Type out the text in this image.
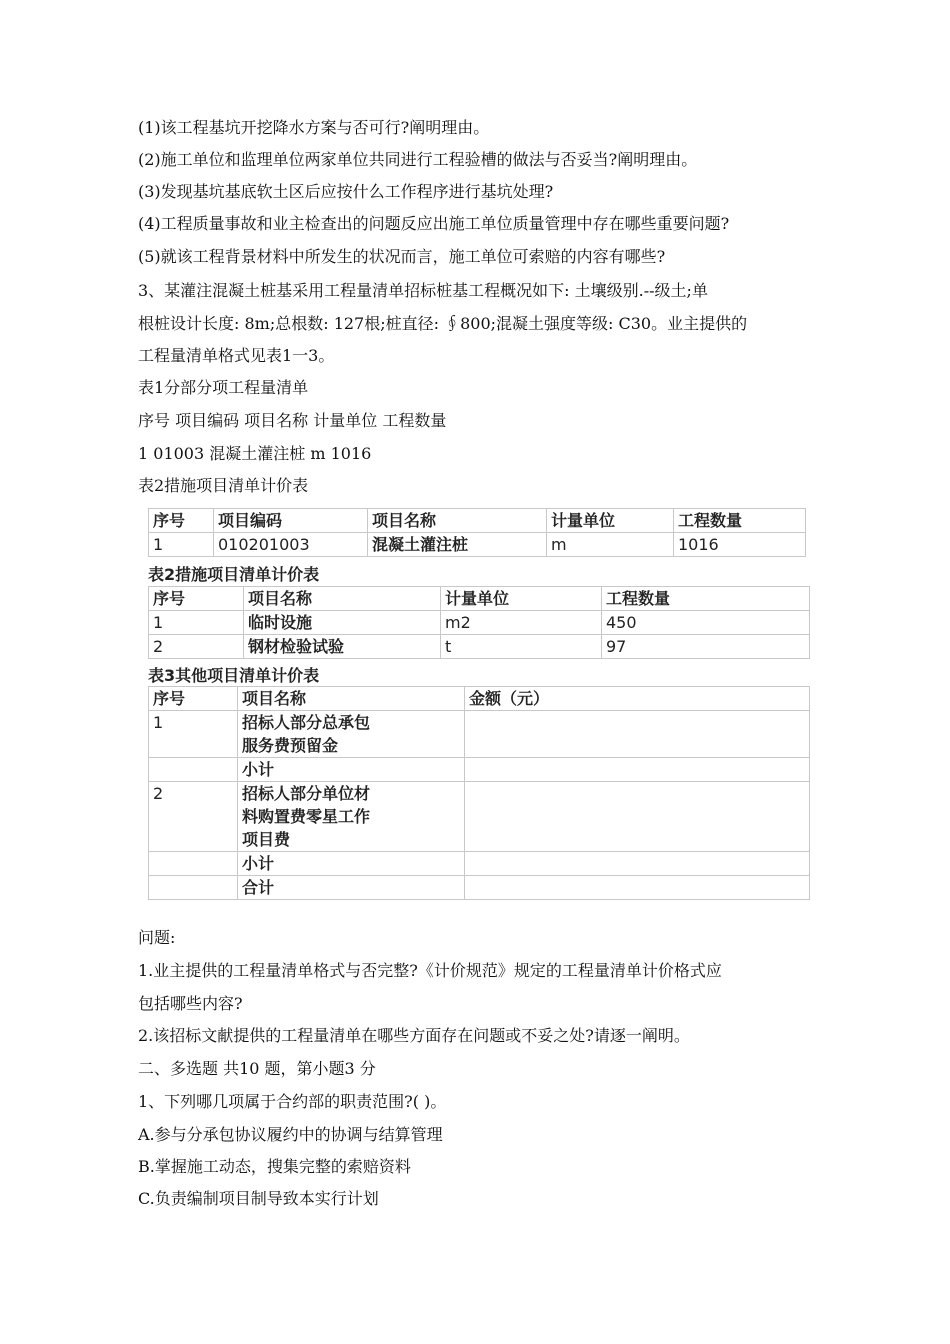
(1)该工程基坑开挖降水方案与否可行?阐明理由。
(2)施工单位和监理单位两家单位共同进行工程验槽的做法与否妥当?阐明理由。
(3)发现基坑基底软土区后应按什么工作程序进行基坑处理?
(4)工程质量事故和业主检查出的问题反应出施工单位质量管理中存在哪些重要问题?
(5)就该工程背景材料中所发生的状况而言，施工单位可索赔的内容有哪些?
3、某灌注混凝土桩基采用工程量清单招标桩基工程概况如下: 土壤级别.--级土;单
根桩设计长度: 8m;总根数: 127根;桩直径: ∮800;混凝土强度等级: C30。业主提供的
工程量清单格式见表1一3。
表1分部分项工程量清单
序号 项目编码 项目名称 计量单位 工程数量
1 01003 混凝土灌注桩 m 1016
表2措施项目清单计价表
序号	项目编码	项目名称	计量单位	工程数量
1	010201003	混凝土灌注桩	m	1016
表2措施项目清单计价表
序号	项目名称	计量单位	工程数量
1	临时设施	m2	450
2	钢材检验试验	t	97
表3其他项目清单计价表
序号	项目名称	金额（元）
1	招标人部分总承包
服务费预留金	

	小计	
2	招标人部分单位材
料购置费零星工作
项目费	

	小计	
	合计	
问题:
1.业主提供的工程量清单格式与否完整?《计价规范》规定的工程量清单计价格式应
包括哪些内容?
2.该招标文献提供的工程量清单在哪些方面存在问题或不妥之处?请逐一阐明。
二、多选题 共10 题，第小题3 分
1、下列哪几项属于合约部的职责范围?( )。
A.参与分承包协议履约中的协调与结算管理
B.掌握施工动态，搜集完整的索赔资料
C.负责编制项目制导致本实行计划
